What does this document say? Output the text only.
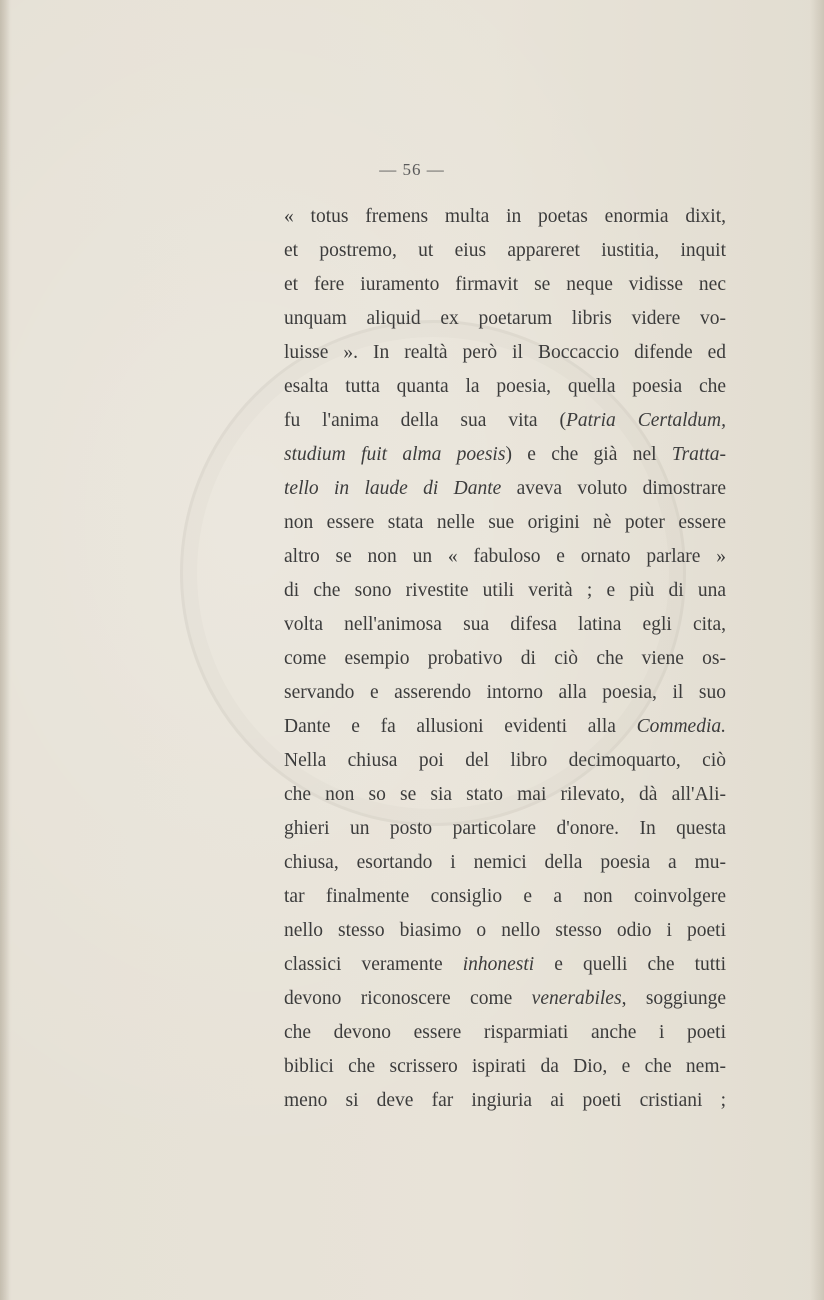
— 56 —
« totus fremens multa in poetas enormia dixit,
et postremo, ut eius appareret iustitia, inquit
et fere iuramento firmavit se neque vidisse nec
unquam aliquid ex poetarum libris videre vo-
luisse ». In realtà però il Boccaccio difende ed
esalta tutta quanta la poesia, quella poesia che
fu l'anima della sua vita (Patria Certaldum,
studium fuit alma poesis) e che già nel Tratta-
tello in laude di Dante aveva voluto dimostrare
non essere stata nelle sue origini nè poter essere
altro se non un « fabuloso e ornato parlare »
di che sono rivestite utili verità ; e più di una
volta nell'animosa sua difesa latina egli cita,
come esempio probativo di ciò che viene os-
servando e asserendo intorno alla poesia, il suo
Dante e fa allusioni evidenti alla Commedia.
Nella chiusa poi del libro decimoquarto, ciò
che non so se sia stato mai rilevato, dà all'Ali-
ghieri un posto particolare d'onore. In questa
chiusa, esortando i nemici della poesia a mu-
tar finalmente consiglio e a non coinvolgere
nello stesso biasimo o nello stesso odio i poeti
classici veramente inhonesti e quelli che tutti
devono riconoscere come venerabiles, soggiunge
che devono essere risparmiati anche i poeti
biblici che scrissero ispirati da Dio, e che nem-
meno si deve far ingiuria ai poeti cristiani ;
